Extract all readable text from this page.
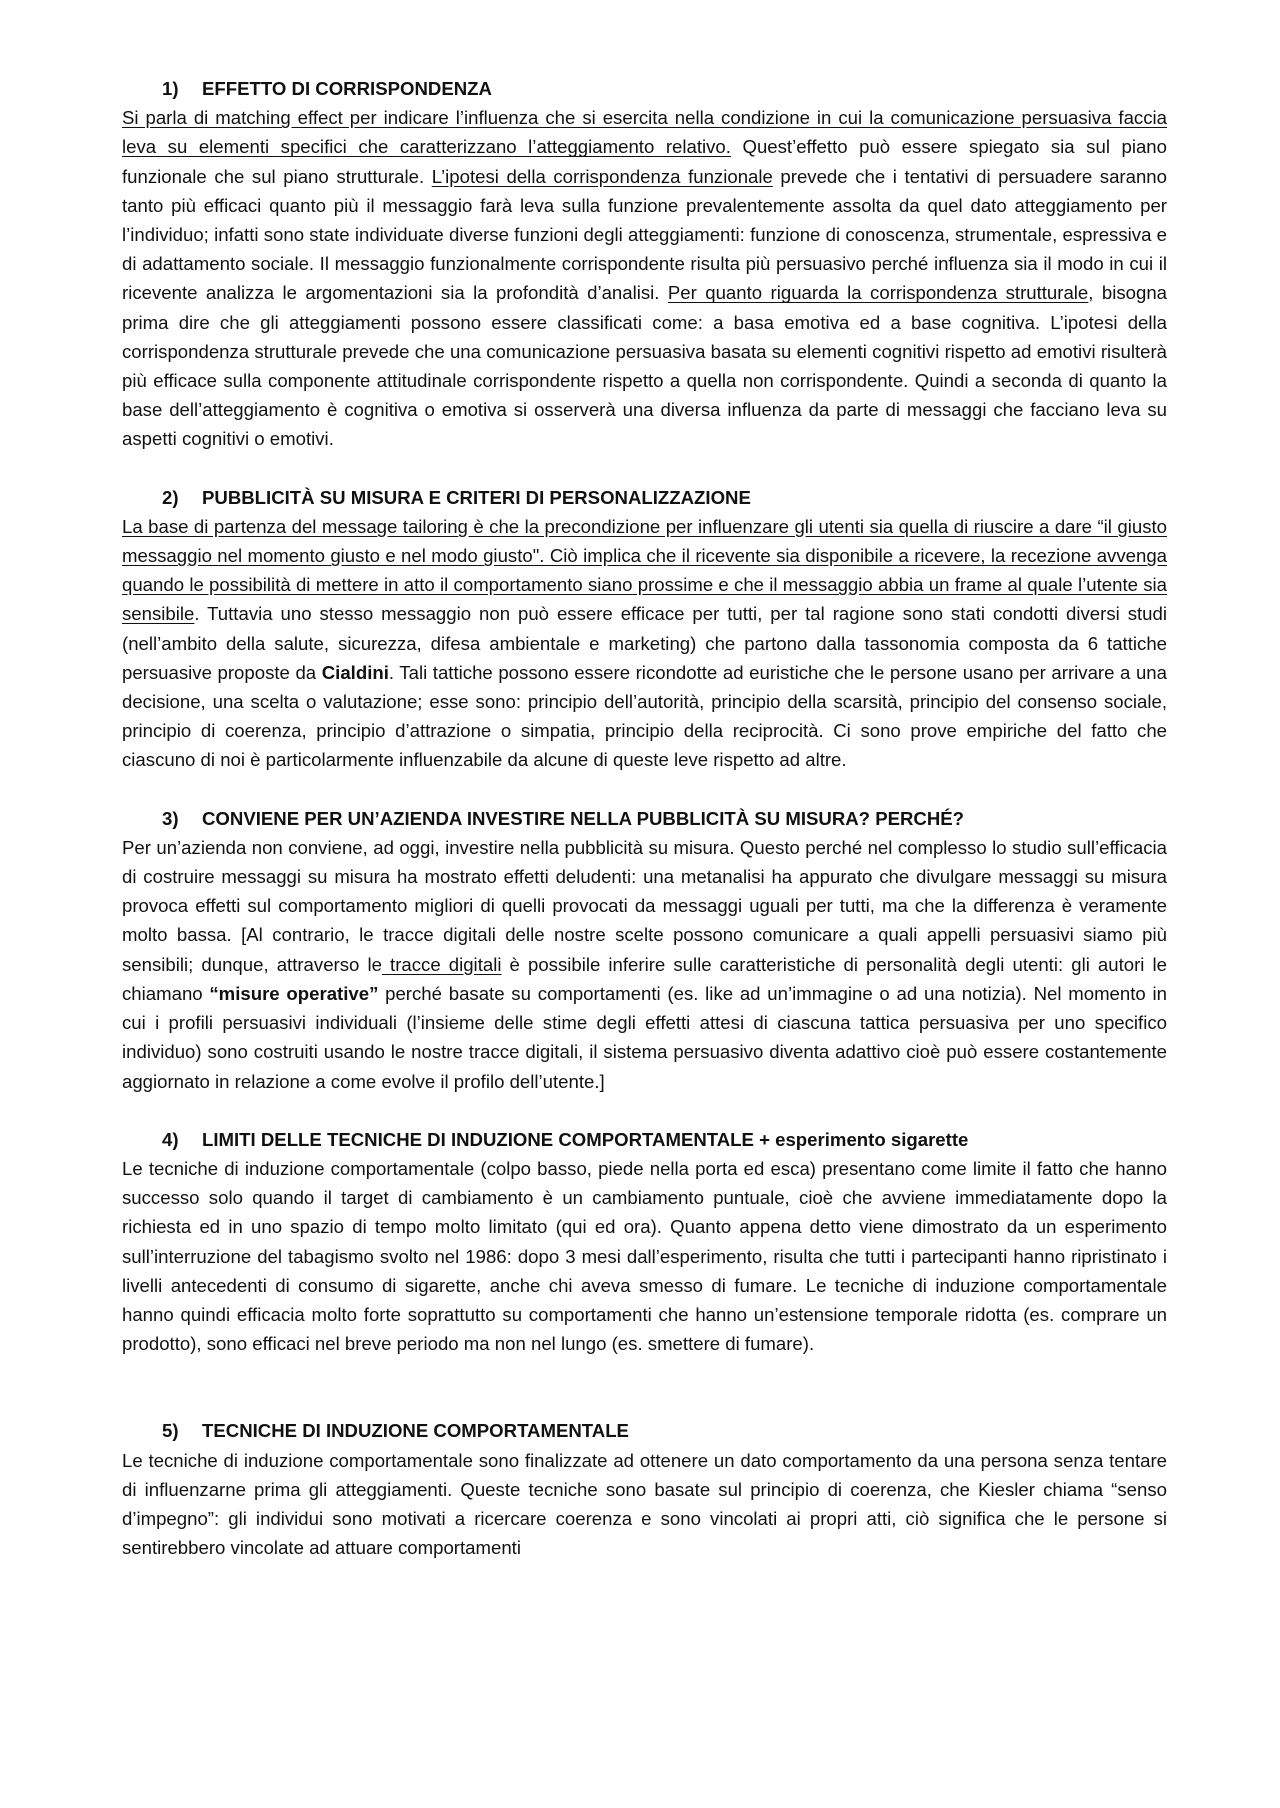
1) EFFETTO DI CORRISPONDENZA

Si parla di matching effect per indicare l’influenza che si esercita nella condizione in cui la comunicazione persuasiva faccia leva su elementi specifici che caratterizzano l’atteggiamento relativo. Quest’effetto può essere spiegato sia sul piano funzionale che sul piano strutturale. L’ipotesi della corrispondenza funzionale prevede che i tentativi di persuadere saranno tanto più efficaci quanto più il messaggio farà leva sulla funzione prevalentemente assolta da quel dato atteggiamento per l’individuo; infatti sono state individuate diverse funzioni degli atteggiamenti: funzione di conoscenza, strumentale, espressiva e di adattamento sociale. Il messaggio funzionalmente corrispondente risulta più persuasivo perché influenza sia il modo in cui il ricevente analizza le argomentazioni sia la profondità d’analisi. Per quanto riguarda la corrispondenza strutturale, bisogna prima dire che gli atteggiamenti possono essere classificati come: a basa emotiva ed a base cognitiva. L’ipotesi della corrispondenza strutturale prevede che una comunicazione persuasiva basata su elementi cognitivi rispetto ad emotivi risulterà più efficace sulla componente attitudinale corrispondente rispetto a quella non corrispondente. Quindi a seconda di quanto la base dell’atteggiamento è cognitiva o emotiva si osserverà una diversa influenza da parte di messaggi che facciano leva su aspetti cognitivi o emotivi.

2) PUBBLICITÀ SU MISURA E CRITERI DI PERSONALIZZAZIONE

La base di partenza del message tailoring è che la precondizione per influenzare gli utenti sia quella di riuscire a dare “il giusto messaggio nel momento giusto e nel modo giusto". Ciò implica che il ricevente sia disponibile a ricevere, la recezione avvenga quando le possibilità di mettere in atto il comportamento siano prossime e che il messaggio abbia un frame al quale l’utente sia sensibile. Tuttavia uno stesso messaggio non può essere efficace per tutti, per tal ragione sono stati condotti diversi studi (nell’ambito della salute, sicurezza, difesa ambientale e marketing) che partono dalla tassonomia composta da 6 tattiche persuasive proposte da Cialdini. Tali tattiche possono essere ricondotte ad euristiche che le persone usano per arrivare a una decisione, una scelta o valutazione; esse sono: principio dell’autorità, principio della scarsità, principio del consenso sociale, principio di coerenza, principio d’attrazione o simpatia, principio della reciprocità. Ci sono prove empiriche del fatto che ciascuno di noi è particolarmente influenzabile da alcune di queste leve rispetto ad altre.

3) CONVIENE PER UN’AZIENDA INVESTIRE NELLA PUBBLICITÀ SU MISURA? PERCHÉ?

Per un’azienda non conviene, ad oggi, investire nella pubblicità su misura. Questo perché nel complesso lo studio sull’efficacia di costruire messaggi su misura ha mostrato effetti deludenti: una metanalisi ha appurato che divulgare messaggi su misura provoca effetti sul comportamento migliori di quelli provocati da messaggi uguali per tutti, ma che la differenza è veramente molto bassa. [Al contrario, le tracce digitali delle nostre scelte possono comunicare a quali appelli persuasivi siamo più sensibili; dunque, attraverso le tracce digitali è possibile inferire sulle caratteristiche di personalità degli utenti: gli autori le chiamano “misure operative” perché basate su comportamenti (es. like ad un’immagine o ad una notizia). Nel momento in cui i profili persuasivi individuali (l’insieme delle stime degli effetti attesi di ciascuna tattica persuasiva per uno specifico individuo) sono costruiti usando le nostre tracce digitali, il sistema persuasivo diventa adattivo cioè può essere costantemente aggiornato in relazione a come evolve il profilo dell’utente.]

4) LIMITI DELLE TECNICHE DI INDUZIONE COMPORTAMENTALE + esperimento sigarette

Le tecniche di induzione comportamentale (colpo basso, piede nella porta ed esca) presentano come limite il fatto che hanno successo solo quando il target di cambiamento è un cambiamento puntuale, cioè che avviene immediatamente dopo la richiesta ed in uno spazio di tempo molto limitato (qui ed ora). Quanto appena detto viene dimostrato da un esperimento sull’interruzione del tabagismo svolto nel 1986: dopo 3 mesi dall’esperimento, risulta che tutti i partecipanti hanno ripristinato i livelli antecedenti di consumo di sigarette, anche chi aveva smesso di fumare. Le tecniche di induzione comportamentale hanno quindi efficacia molto forte soprattutto su comportamenti che hanno un’estensione temporale ridotta (es. comprare un prodotto), sono efficaci nel breve periodo ma non nel lungo (es. smettere di fumare).

5) TECNICHE DI INDUZIONE COMPORTAMENTALE

Le tecniche di induzione comportamentale sono finalizzate ad ottenere un dato comportamento da una persona senza tentare di influenzarne prima gli atteggiamenti. Queste tecniche sono basate sul principio di coerenza, che Kiesler chiama “senso d’impegno”: gli individui sono motivati a ricercare coerenza e sono vincolati ai propri atti, ciò significa che le persone si sentirebbero vincolate ad attuare comportamenti
